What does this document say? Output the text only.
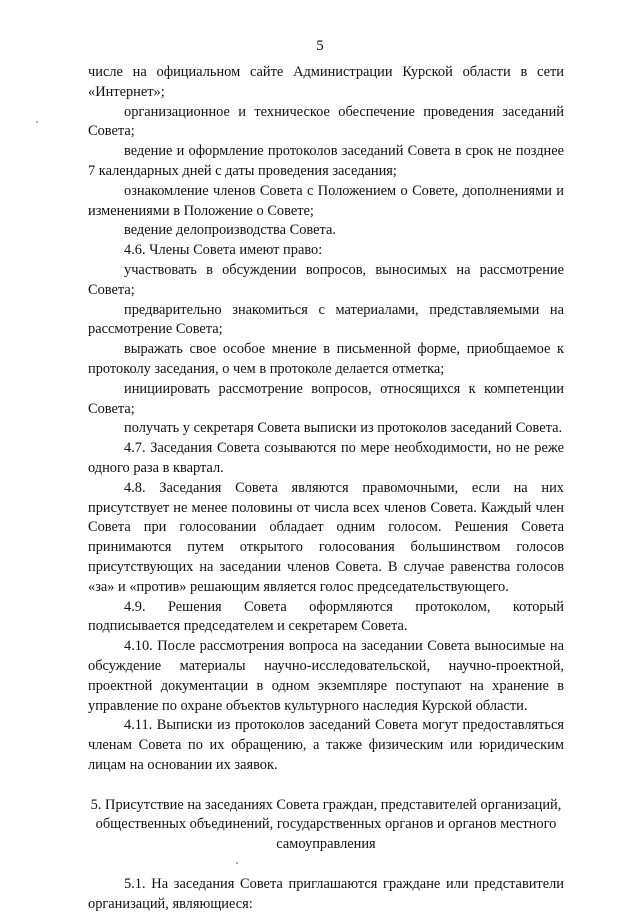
5

числе на официальном сайте Администрации Курской области в сети «Интернет»;

организационное и техническое обеспечение проведения заседаний Совета;

ведение и оформление протоколов заседаний Совета в срок не позднее 7 календарных дней с даты проведения заседания;

ознакомление членов Совета с Положением о Совете, дополнениями и изменениями в Положение о Совете;

ведение делопроизводства Совета.

4.6. Члены Совета имеют право:

участвовать в обсуждении вопросов, выносимых на рассмотрение Совета;

предварительно знакомиться с материалами, представляемыми на рассмотрение Совета;

выражать свое особое мнение в письменной форме, приобщаемое к протоколу заседания, о чем в протоколе делается отметка;

инициировать рассмотрение вопросов, относящихся к компетенции Совета;

получать у секретаря Совета выписки из протоколов заседаний Совета.

4.7. Заседания Совета созываются по мере необходимости, но не реже одного раза в квартал.

4.8. Заседания Совета являются правомочными, если на них присутствует не менее половины от числа всех членов Совета. Каждый член Совета при голосовании обладает одним голосом. Решения Совета принимаются путем открытого голосования большинством голосов присутствующих на заседании членов Совета. В случае равенства голосов «за» и «против» решающим является голос председательствующего.

4.9. Решения Совета оформляются протоколом, который подписывается председателем и секретарем Совета.

4.10. После рассмотрения вопроса на заседании Совета выносимые на обсуждение материалы научно-исследовательской, научно-проектной, проектной документации в одном экземпляре поступают на хранение в управление по охране объектов культурного наследия Курской области.

4.11. Выписки из протоколов заседаний Совета могут предоставляться членам Совета по их обращению, а также физическим или юридическим лицам на основании их заявок.

5. Присутствие на заседаниях Совета граждан, представителей организаций, общественных объединений, государственных органов и органов местного самоуправления

5.1. На заседания Совета приглашаются граждане или представители организаций, являющиеся:
